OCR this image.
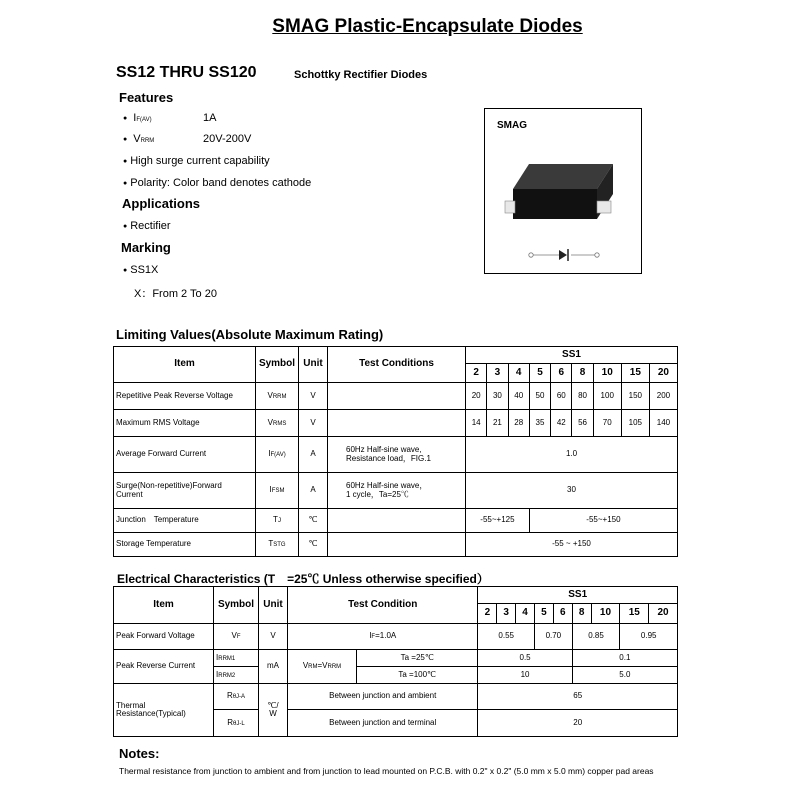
SMAG Plastic-Encapsulate Diodes
SS12 THRU SS120	Schottky Rectifier Diodes
Features
● IF(AV)	1A
● VRRM	20V-200V
● High surge current capability
● Polarity: Color band denotes cathode
Applications
● Rectifier
Marking
● SS1X
X：From 2 To 20
SMAG
Limiting Values(Absolute Maximum Rating)
Item	Symbol	Unit	Test Conditions	SS1								
				2	3	4	5	6	8	10	15	20
Repetitive Peak Reverse Voltage	VRRM	V		20	30	40	50	60	80	100	150	200
Maximum RMS Voltage	VRMS	V		14	21	28	35	42	56	70	105	140
Average Forward Current	IF(AV)	A	60Hz Half-sine wave,
Resistance load，FIG.1	1.0								
Surge(Non-repetitive)Forward
Current	IFSM	A	60Hz Half-sine wave，
1 cycle，Ta=25℃	30								
Junction　Temperature	TJ	℃		-55~+125			-55~+150					
Storage Temperature	TSTG	℃		-55 ~ +150								
Electrical Characteristics (T　=25℃ Unless otherwise specified）
Item	Symbol	Unit	Test Condition		SS1								
					2	3	4	5	6	8	10	15	20
Peak Forward Voltage	VF	V	IF=1.0A		0.55			0.70		0.85		0.95	
Peak Reverse Current	IRRM1	mA	VRM=VRRM	Ta =25℃	0.5					0.1			
	IRRM2			Ta =100℃	10					5.0			
Thermal
Resistance(Typical)	RθJ-A	℃/
W	Between junction and ambient		65								
	RθJ-L		Between junction and terminal		20								
Notes:
Thermal resistance from junction to ambient and from junction to lead mounted on P.C.B. with 0.2" x 0.2" (5.0 mm x 5.0 mm) copper pad areas
